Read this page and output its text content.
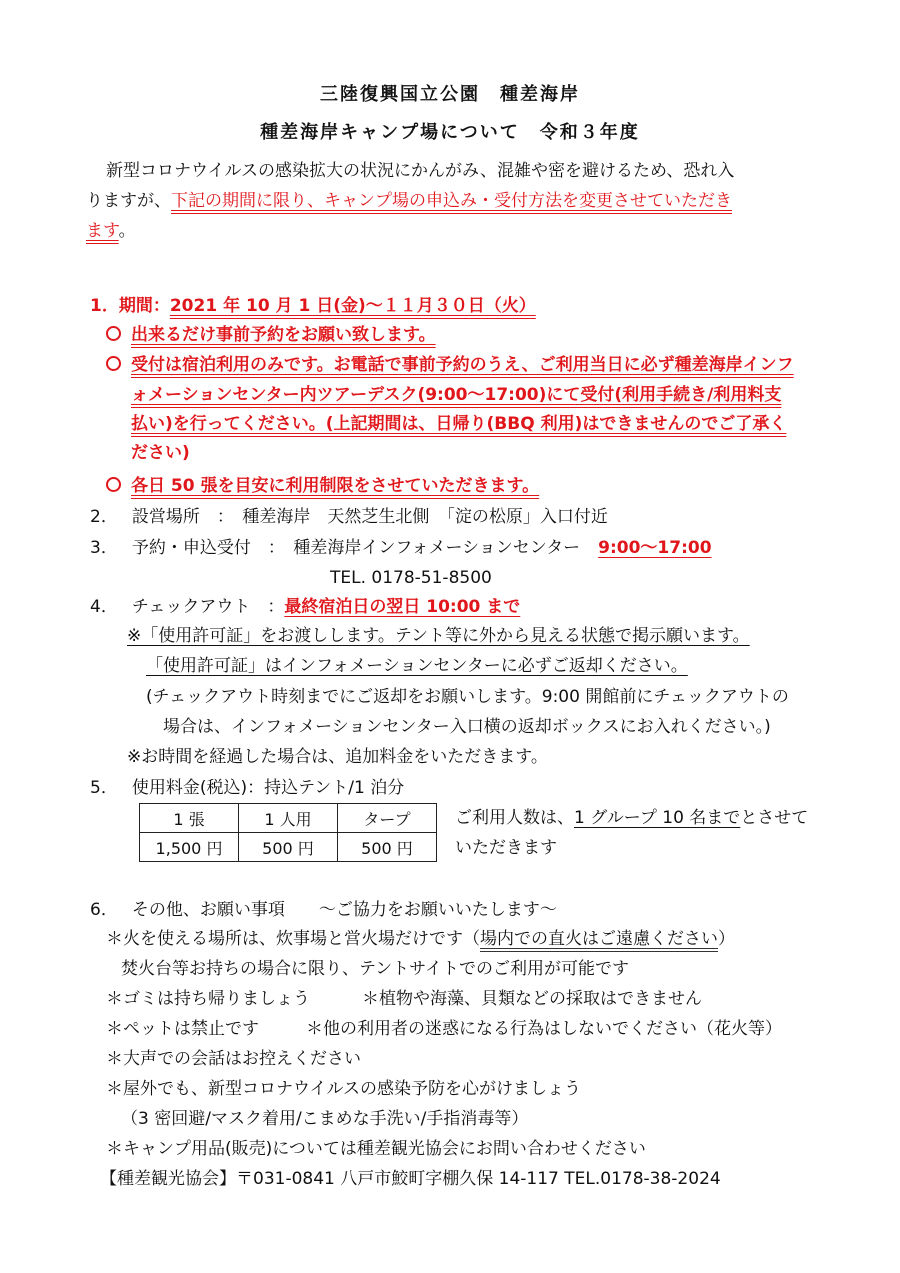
三陸復興国立公園　種差海岸
種差海岸キャンプ場について　令和３年度
新型コロナウイルスの感染拡大の状況にかんがみ、混雑や密を避けるため、恐れ入
りますが、下記の期間に限り、キャンプ場の申込み・受付方法を変更させていただき
ます。
1．期間：2021 年 10 月 1 日(金)～１１月３０日（火）
出来るだけ事前予約をお願い致します。
受付は宿泊利用のみです。お電話で事前予約のうえ、ご利用当日に必ず種差海岸インフ
ォメーションセンター内ツアーデスク(9:00～17:00)にて受付(利用手続き/利用料支
払い)を行ってください。(上記期間は、日帰り(BBQ 利用)はできませんのでご了承く
ださい)
各日 50 張を目安に利用制限をさせていただきます。
2． 設営場所　：　種差海岸　天然芝生北側　「淀の松原」入口付近
3． 予約・申込受付　：　種差海岸インフォメーションセンター 9:00～17:00
TEL. 0178-51-8500
4． チェックアウト　：最終宿泊日の翌日 10:00 まで
※「使用許可証」をお渡しします。テント等に外から見える状態で掲示願います。
「使用許可証」はインフォメーションセンターに必ずご返却ください。
(チェックアウト時刻までにご返却をお願いします。9:00 開館前にチェックアウトの
場合は、インフォメーションセンター入口横の返却ボックスにお入れください。)
※お時間を経過した場合は、追加料金をいただきます。
5． 使用料金(税込)：持込テント/1 泊分
1 張	1 人用	タープ
1,500 円	500 円	500 円
ご利用人数は、1 グループ 10 名までとさせて
いただきます
6． その他、お願い事項　　～ご協力をお願いいたします～
＊火を使える場所は、炊事場と営火場だけです（場内での直火はご遠慮ください）
焚火台等お持ちの場合に限り、テントサイトでのご利用が可能です
＊ゴミは持ち帰りましょう	＊植物や海藻、貝類などの採取はできません
＊ペットは禁止です	＊他の利用者の迷惑になる行為はしないでください（花火等）
＊大声での会話はお控えください
＊屋外でも、新型コロナウイルスの感染予防を心がけましょう
（3 密回避/マスク着用/こまめな手洗い/手指消毒等）
＊キャンプ用品(販売)については種差観光協会にお問い合わせください
【種差観光協会】〒031-0841 八戸市鮫町字棚久保 14-117 TEL.0178-38-2024
